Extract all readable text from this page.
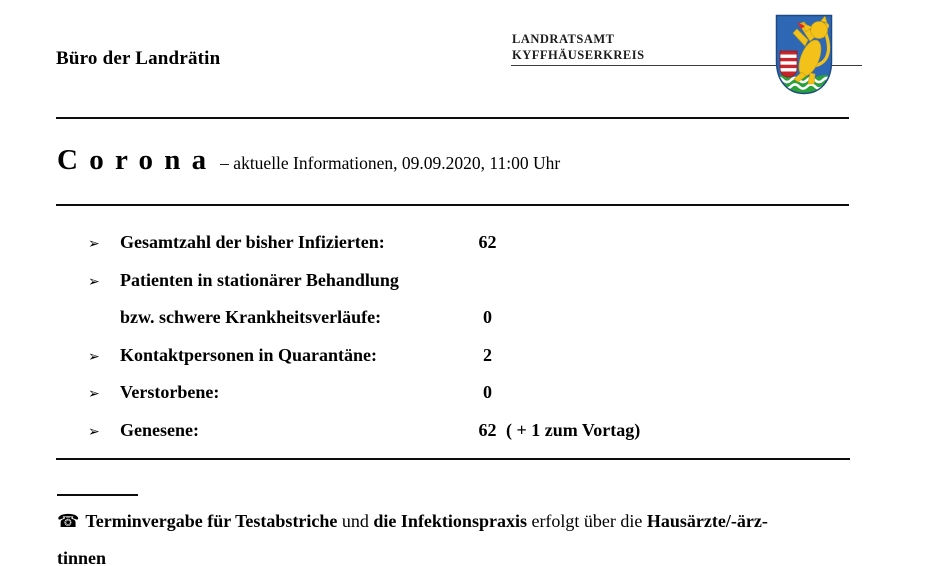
Büro der Landrätin
LANDRATSAMT
KYFFHÄUSERKREIS
C o r o n a – aktuelle Informationen, 09.09.2020, 11:00 Uhr
➢ Gesamtzahl der bisher Infizierten:	62
➢ Patienten in stationärer Behandlung
bzw. schwere Krankheitsverläufe:	0
➢ Kontaktpersonen in Quarantäne:	2
➢ Verstorbene:	0
➢ Genesene:	62 ( + 1 zum Vortag)
☎ Terminvergabe für Testabstriche und die Infektionspraxis erfolgt über die Hausärzte/-ärz-
tinnen
